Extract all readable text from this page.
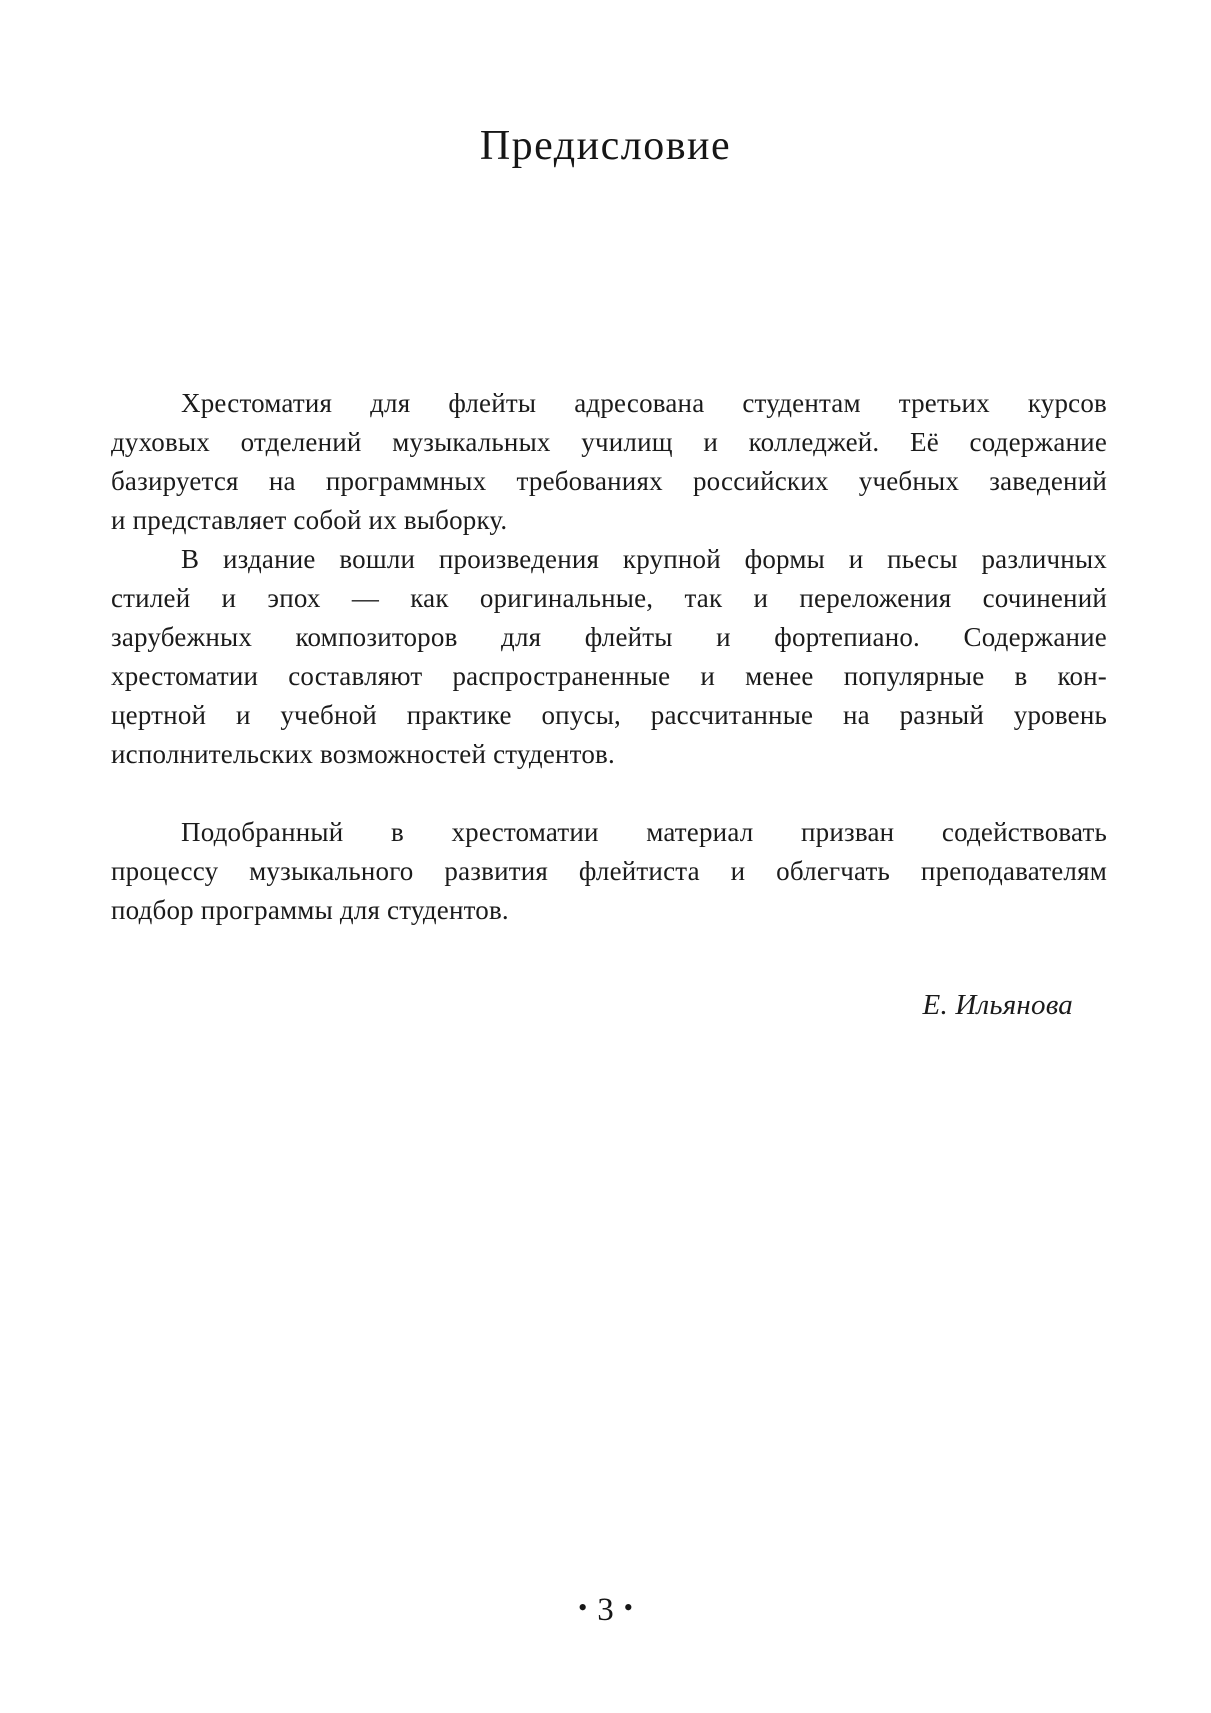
Предисловие
Хрестоматия для флейты адресована студентам третьих курсов
духовых отделений музыкальных училищ и колледжей. Её содержание
базируется на программных требованиях российских учебных заведений
и представляет собой их выборку.
В издание вошли произведения крупной формы и пьесы различных
стилей и эпох — как оригинальные, так и переложения сочинений
зарубежных композиторов для флейты и фортепиано. Содержание
хрестоматии составляют распространенные и менее популярные в кон-
цертной и учебной практике опусы, рассчитанные на разный уровень
исполнительских возможностей студентов.
Подобранный в хрестоматии материал призван содействовать
процессу музыкального развития флейтиста и облегчать преподавателям
подбор программы для студентов.
Е. Ильянова
• 3 •
